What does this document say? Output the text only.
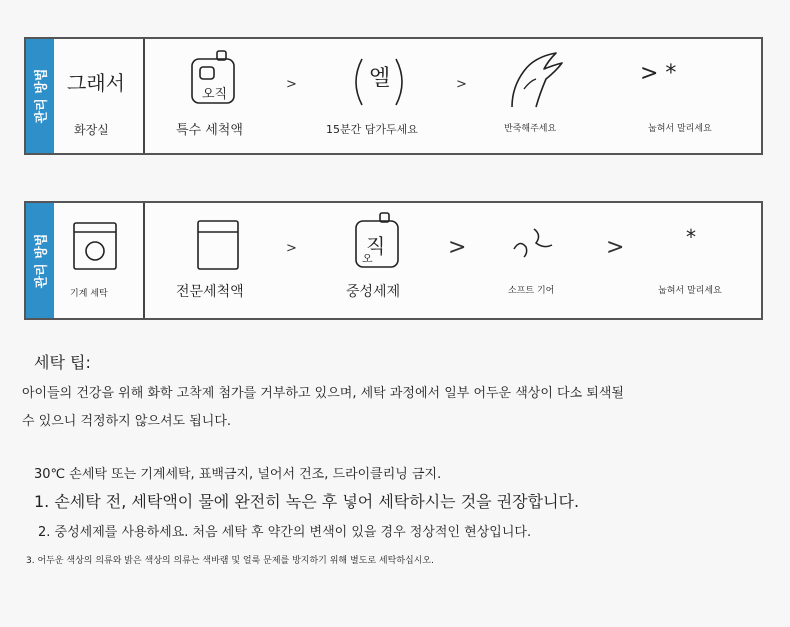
관리 방법 그래서
화장실
오직
특수 세척액
>	엘
15분간 담가두세요
>
반죽해주세요
> *
눕혀서 말리세요
관리 방법
기계 세탁	전문세척액
>	직
오
중성세제
>
소프트 기어
>	*
눕혀서 말리세요
세탁 팁:
아이들의 건강을 위해 화학 고착제 첨가를 거부하고 있으며, 세탁 과정에서 일부 어두운 색상이 다소 퇴색될
수 있으니 걱정하지 않으셔도 됩니다.
30℃ 손세탁 또는 기계세탁, 표백금지, 널어서 건조, 드라이클리닝 금지.
1. 손세탁 전, 세탁액이 물에 완전히 녹은 후 넣어 세탁하시는 것을 권장합니다.
2. 중성세제를 사용하세요. 처음 세탁 후 약간의 변색이 있을 경우 정상적인 현상입니다.
3. 어두운 색상의 의류와 밝은 색상의 의류는 색바램 및 얼룩 문제를 방지하기 위해 별도로 세탁하십시오.
